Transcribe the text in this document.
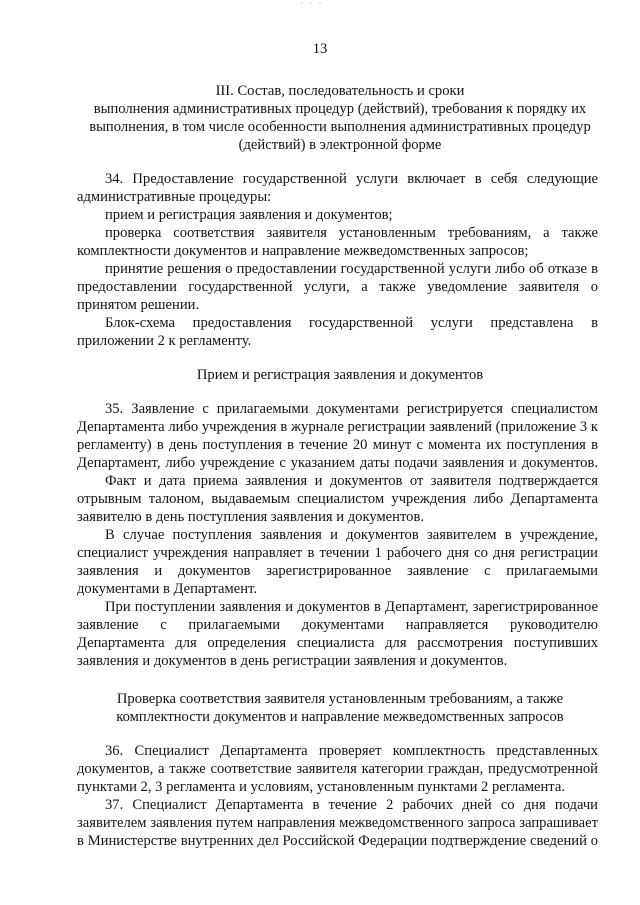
· · ·
13
III. Состав, последовательность и сроки
выполнения административных процедур (действий), требования к порядку их
выполнения, в том числе особенности выполнения административных процедур
(действий) в электронной форме
34. Предоставление государственной услуги включает в себя следующие
административные процедуры:
прием и регистрация заявления и документов;
проверка соответствия заявителя установленным требованиям, а также
комплектности документов и направление межведомственных запросов;
принятие решения о предоставлении государственной услуги либо об отказе в
предоставлении государственной услуги, а также уведомление заявителя о
принятом решении.
Блок-схема предоставления государственной услуги представлена в
приложении 2 к регламенту.
Прием и регистрация заявления и документов
35. Заявление с прилагаемыми документами регистрируется специалистом
Департамента либо учреждения в журнале регистрации заявлений (приложение 3 к
регламенту) в день поступления в течение 20 минут с момента их поступления в
Департамент, либо учреждение с указанием даты подачи заявления и документов.
Факт и дата приема заявления и документов от заявителя подтверждается
отрывным талоном, выдаваемым специалистом учреждения либо Департамента
заявителю в день поступления заявления и документов.
В случае поступления заявления и документов заявителем в учреждение,
специалист учреждения направляет в течении 1 рабочего дня со дня регистрации
заявления и документов зарегистрированное заявление с прилагаемыми
документами в Департамент.
При поступлении заявления и документов в Департамент, зарегистрированное
заявление с прилагаемыми документами направляется руководителю
Департамента для определения специалиста для рассмотрения поступивших
заявления и документов в день регистрации заявления и документов.
Проверка соответствия заявителя установленным требованиям, а также
комплектности документов и направление межведомственных запросов
36. Специалист Департамента проверяет комплектность представленных
документов, а также соответствие заявителя категории граждан, предусмотренной
пунктами 2, 3 регламента и условиям, установленным пунктами 2 регламента.
37. Специалист Департамента в течение 2 рабочих дней со дня подачи
заявителем заявления путем направления межведомственного запроса запрашивает
в Министерстве внутренних дел Российской Федерации подтверждение сведений о
